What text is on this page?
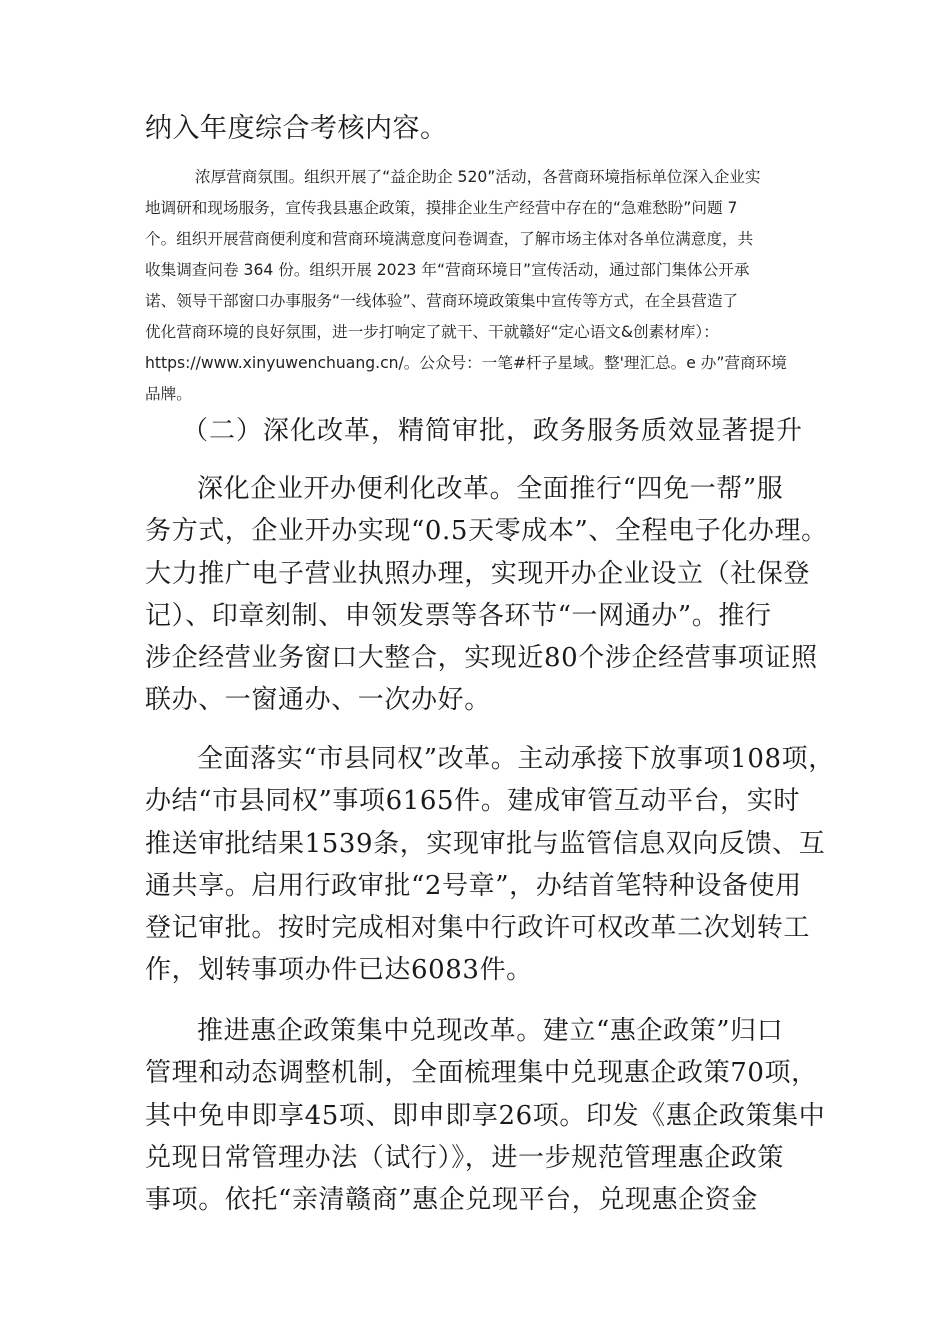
纳入年度综合考核内容。
浓厚营商氛围。组织开展了“益企助企 520”活动，各营商环境指标单位深入企业实
地调研和现场服务，宣传我县惠企政策，摸排企业生产经营中存在的“急难愁盼”问题 7
个。组织开展营商便利度和营商环境满意度问卷调查，了解市场主体对各单位满意度，共
收集调查问卷 364 份。组织开展 2023 年“营商环境日”宣传活动，通过部门集体公开承
诺、领导干部窗口办事服务“一线体验”、营商环境政策集中宣传等方式，在全县营造了
优化营商环境的良好氛围，进一步打响定了就干、干就赣好“定心语文&创素材库）：
https://www.xinyuwenchuang.cn/。公众号：一笔#杆子星域。整'理汇总。e 办”营商环境
品牌。
（二）深化改革，精简审批，政务服务质效显著提升
深化企业开办便利化改革。全面推行“四免一帮”服
务方式，企业开办实现“0.5天零成本”、全程电子化办理。
大力推广电子营业执照办理，实现开办企业设立（社保登
记）、印章刻制、申领发票等各环节“一网通办”。推行
涉企经营业务窗口大整合，实现近80个涉企经营事项证照
联办、一窗通办、一次办好。
全面落实“市县同权”改革。主动承接下放事项108项，
办结“市县同权”事项6165件。建成审管互动平台，实时
推送审批结果1539条，实现审批与监管信息双向反馈、互
通共享。启用行政审批“2号章”，办结首笔特种设备使用
登记审批。按时完成相对集中行政许可权改革二次划转工
作，划转事项办件已达6083件。
推进惠企政策集中兑现改革。建立“惠企政策”归口
管理和动态调整机制，全面梳理集中兑现惠企政策70项，
其中免申即享45项、即申即享26项。印发《惠企政策集中
兑现日常管理办法（试行）》，进一步规范管理惠企政策
事项。依托“亲清赣商”惠企兑现平台，兑现惠企资金
